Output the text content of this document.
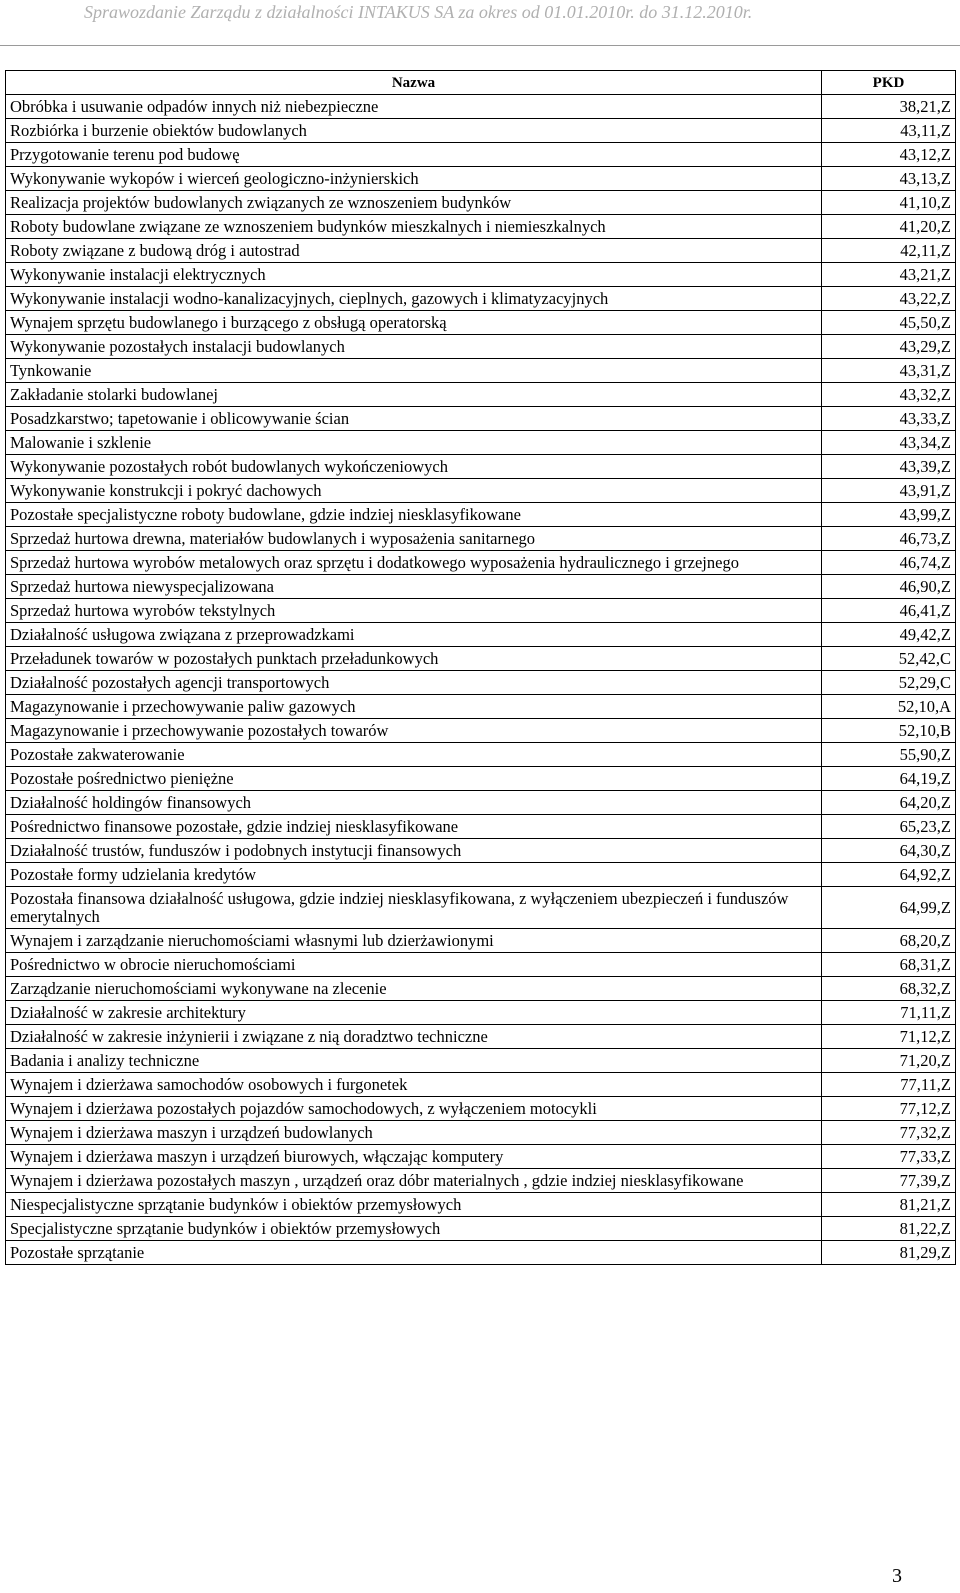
Sprawozdanie Zarządu z działalności INTAKUS SA za okres od 01.01.2010r. do 31.12.2010r.
Nazwa	PKD
Obróbka i usuwanie odpadów innych niż niebezpieczne	38,21,Z
Rozbiórka i burzenie obiektów budowlanych	43,11,Z
Przygotowanie terenu pod budowę	43,12,Z
Wykonywanie wykopów i wierceń geologiczno-inżynierskich	43,13,Z
Realizacja projektów budowlanych związanych ze wznoszeniem budynków	41,10,Z
Roboty budowlane związane ze wznoszeniem budynków mieszkalnych i niemieszkalnych	41,20,Z
Roboty związane z budową dróg i autostrad	42,11,Z
Wykonywanie instalacji elektrycznych	43,21,Z
Wykonywanie instalacji wodno-kanalizacyjnych, cieplnych, gazowych i klimatyzacyjnych	43,22,Z
Wynajem sprzętu budowlanego i burzącego z obsługą operatorską	45,50,Z
Wykonywanie pozostałych instalacji budowlanych	43,29,Z
Tynkowanie	43,31,Z
Zakładanie stolarki budowlanej	43,32,Z
Posadzkarstwo; tapetowanie i oblicowywanie ścian	43,33,Z
Malowanie i szklenie	43,34,Z
Wykonywanie pozostałych robót budowlanych wykończeniowych	43,39,Z
Wykonywanie konstrukcji i pokryć dachowych	43,91,Z
Pozostałe specjalistyczne roboty budowlane, gdzie indziej niesklasyfikowane	43,99,Z
Sprzedaż hurtowa drewna, materiałów budowlanych i wyposażenia sanitarnego	46,73,Z
Sprzedaż hurtowa wyrobów metalowych oraz sprzętu i dodatkowego wyposażenia hydraulicznego i grzejnego	46,74,Z
Sprzedaż hurtowa niewyspecjalizowana	46,90,Z
Sprzedaż hurtowa wyrobów tekstylnych	46,41,Z
Działalność usługowa związana z przeprowadzkami	49,42,Z
Przeładunek towarów w pozostałych punktach przeładunkowych	52,42,C
Działalność pozostałych agencji transportowych	52,29,C
Magazynowanie i przechowywanie paliw gazowych	52,10,A
Magazynowanie i przechowywanie pozostałych towarów	52,10,B
Pozostałe zakwaterowanie	55,90,Z
Pozostałe pośrednictwo pieniężne	64,19,Z
Działalność holdingów finansowych	64,20,Z
Pośrednictwo finansowe pozostałe, gdzie indziej niesklasyfikowane	65,23,Z
Działalność trustów, funduszów i podobnych instytucji finansowych	64,30,Z
Pozostałe formy udzielania kredytów	64,92,Z
Pozostała finansowa działalność usługowa, gdzie indziej niesklasyfikowana, z wyłączeniem ubezpieczeń i funduszów emerytalnych	64,99,Z
Wynajem i zarządzanie nieruchomościami własnymi lub dzierżawionymi	68,20,Z
Pośrednictwo w obrocie nieruchomościami	68,31,Z
Zarządzanie nieruchomościami wykonywane na zlecenie	68,32,Z
Działalność w zakresie architektury	71,11,Z
Działalność w zakresie inżynierii i związane z nią doradztwo techniczne	71,12,Z
Badania i analizy techniczne	71,20,Z
Wynajem i dzierżawa samochodów osobowych i furgonetek	77,11,Z
Wynajem i dzierżawa pozostałych pojazdów samochodowych, z wyłączeniem motocykli	77,12,Z
Wynajem i dzierżawa maszyn i urządzeń budowlanych	77,32,Z
Wynajem i dzierżawa maszyn i urządzeń biurowych, włączając komputery	77,33,Z
Wynajem i dzierżawa pozostałych maszyn , urządzeń oraz dóbr materialnych , gdzie indziej niesklasyfikowane	77,39,Z
Niespecjalistyczne sprzątanie budynków i obiektów przemysłowych	81,21,Z
Specjalistyczne sprzątanie budynków i obiektów przemysłowych	81,22,Z
Pozostałe sprzątanie	81,29,Z
3
